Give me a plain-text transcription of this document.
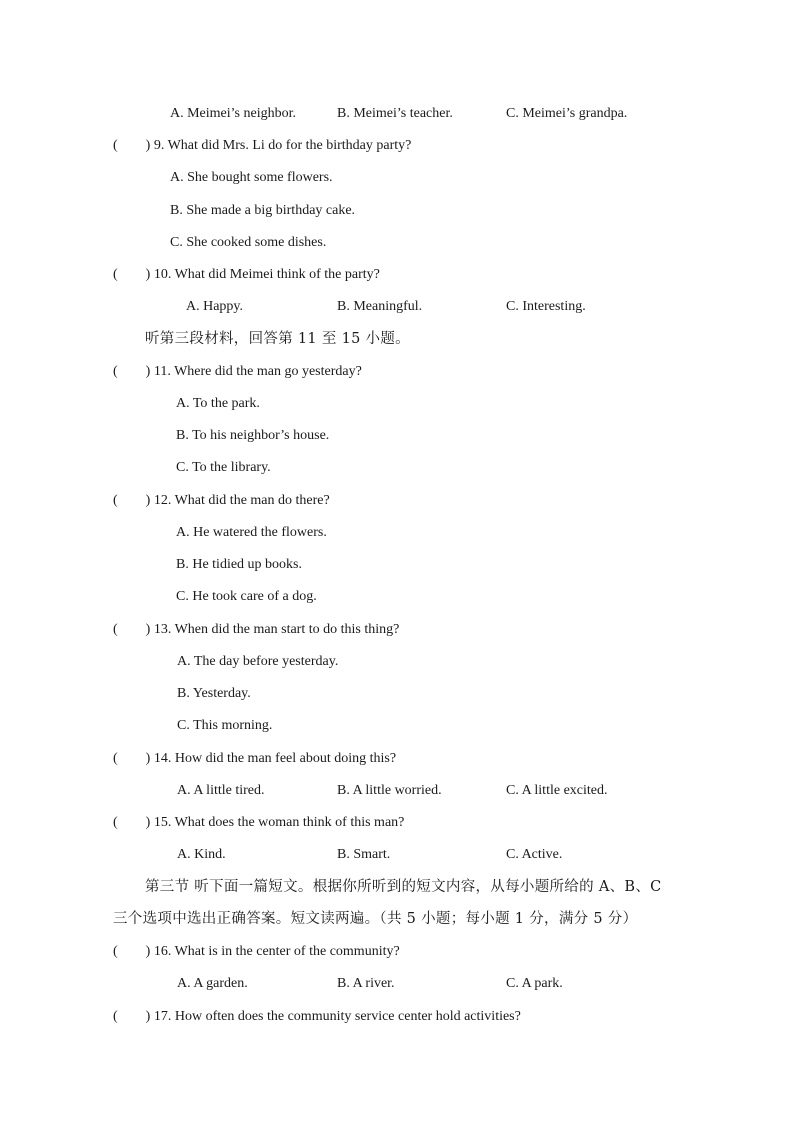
A. Meimei’s neighbor.	B. Meimei’s teacher.	C. Meimei’s grandpa.
( ) 9. What did Mrs. Li do for the birthday party?
A. She bought some flowers.
B. She made a big birthday cake.
C. She cooked some dishes.
( ) 10. What did Meimei think of the party?
A. Happy.	B. Meaningful.	C. Interesting.
听第三段材料，回答第 11 至 15 小题。
( ) 11. Where did the man go yesterday?
A. To the park.
B. To his neighbor’s house.
C. To the library.
( ) 12. What did the man do there?
A. He watered the flowers.
B. He tidied up books.
C. He took care of a dog.
( ) 13. When did the man start to do this thing?
A. The day before yesterday.
B. Yesterday.
C. This morning.
( ) 14. How did the man feel about doing this?
A. A little tired.	B. A little worried.	C. A little excited.
( ) 15. What does the woman think of this man?
A. Kind.	B. Smart.	C. Active.
第三节 听下面一篇短文。根据你所听到的短文内容，从每小题所给的 A、B、C
三个选项中选出正确答案。短文读两遍。（共 5 小题；每小题 1 分，满分 5 分）
( ) 16. What is in the center of the community?
A. A garden.	B. A river.	C. A park.
( ) 17. How often does the community service center hold activities?
